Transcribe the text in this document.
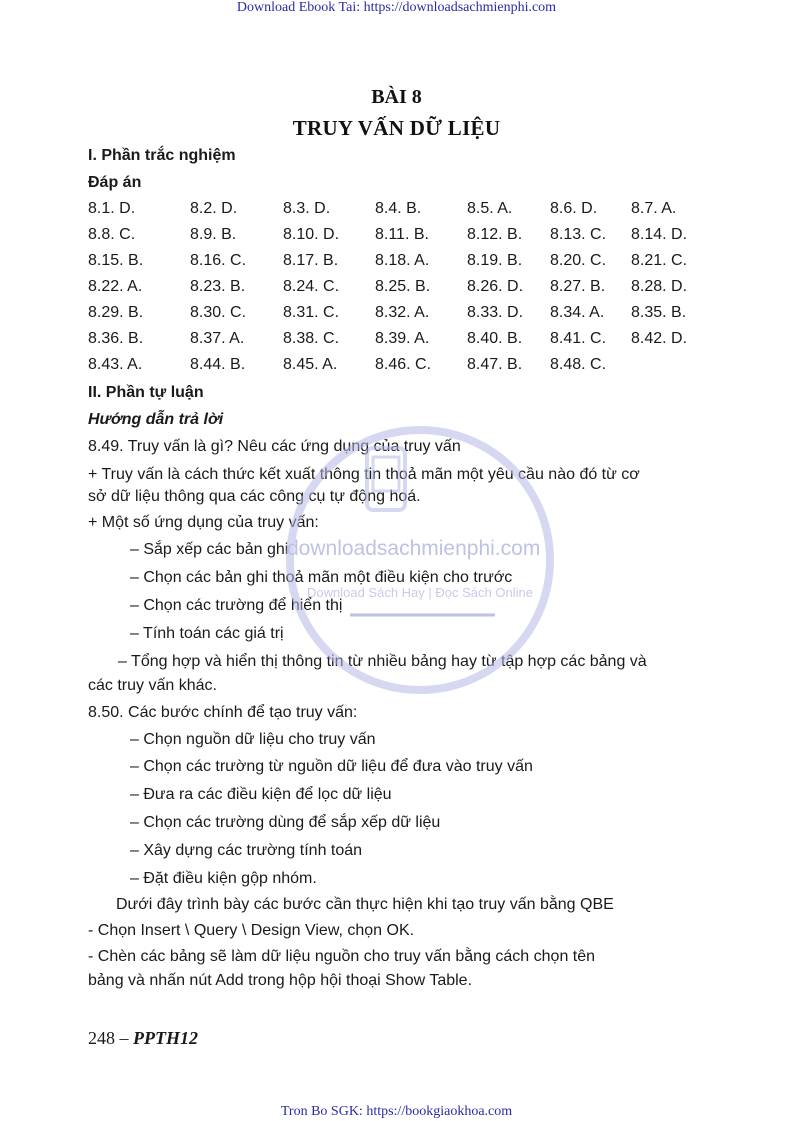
Download Ebook Tai: https://downloadsachmienphi.com
BÀI 8
TRUY VẤN DỮ LIỆU
I. Phần trắc nghiệm
Đáp án
8.1. D.	8.2. D.	8.3. D.	8.4. B.	8.5. A. 8.6. D. 8.7. A.
8.8. C.	8.9. B.	8.10. D. 8.11. B. 8.12. B. 8.13. C. 8.14. D.
8.15. B.	8.16. C. 8.17. B. 8.18. A. 8.19. B. 8.20. C. 8.21. C.
8.22. A.	8.23. B. 8.24. C. 8.25. B. 8.26. D. 8.27. B. 8.28. D.
8.29. B.	8.30. C. 8.31. C. 8.32. A. 8.33. D. 8.34. A. 8.35. B.
8.36. B.	8.37. A. 8.38. C. 8.39. A. 8.40. B. 8.41. C. 8.42. D.
8.43. A.	8.44. B. 8.45. A. 8.46. C. 8.47. B. 8.48. C.
II. Phần tự luận
Hướng dẫn trả lời
8.49. Truy vấn là gì? Nêu các ứng dụng của truy vấn
+ Truy vấn là cách thức kết xuất thông tin thoả mãn một yêu cầu nào đó từ cơ
sở dữ liệu thông qua các công cụ tự động hoá.
+ Một số ứng dụng của truy vấn:
– Sắp xếp các bản ghi
– Chọn các bản ghi thoả mãn một điều kiện cho trước
– Chọn các trường để hiển thị
– Tính toán các giá trị
– Tổng hợp và hiển thị thông tin từ nhiều bảng hay từ tập hợp các bảng và
các truy vấn khác.
8.50. Các bước chính để tạo truy vấn:
– Chọn nguồn dữ liệu cho truy vấn
– Chọn các trường từ nguồn dữ liệu để đưa vào truy vấn
– Đưa ra các điều kiện để lọc dữ liệu
– Chọn các trường dùng để sắp xếp dữ liệu
– Xây dựng các trường tính toán
– Đặt điều kiện gộp nhóm.
Dưới đây trình bày các bước cần thực hiện khi tạo truy vấn bằng QBE
- Chọn Insert \ Query \ Design View, chọn OK.
- Chèn các bảng sẽ làm dữ liệu nguồn cho truy vấn bằng cách chọn tên
bảng và nhấn nút Add trong hộp hội thoại Show Table.
248 – PPTH12
downloadsachmienphi.com
Download Sách Hay | Đọc Sách Online
Tron Bo SGK: https://bookgiaokhoa.com
